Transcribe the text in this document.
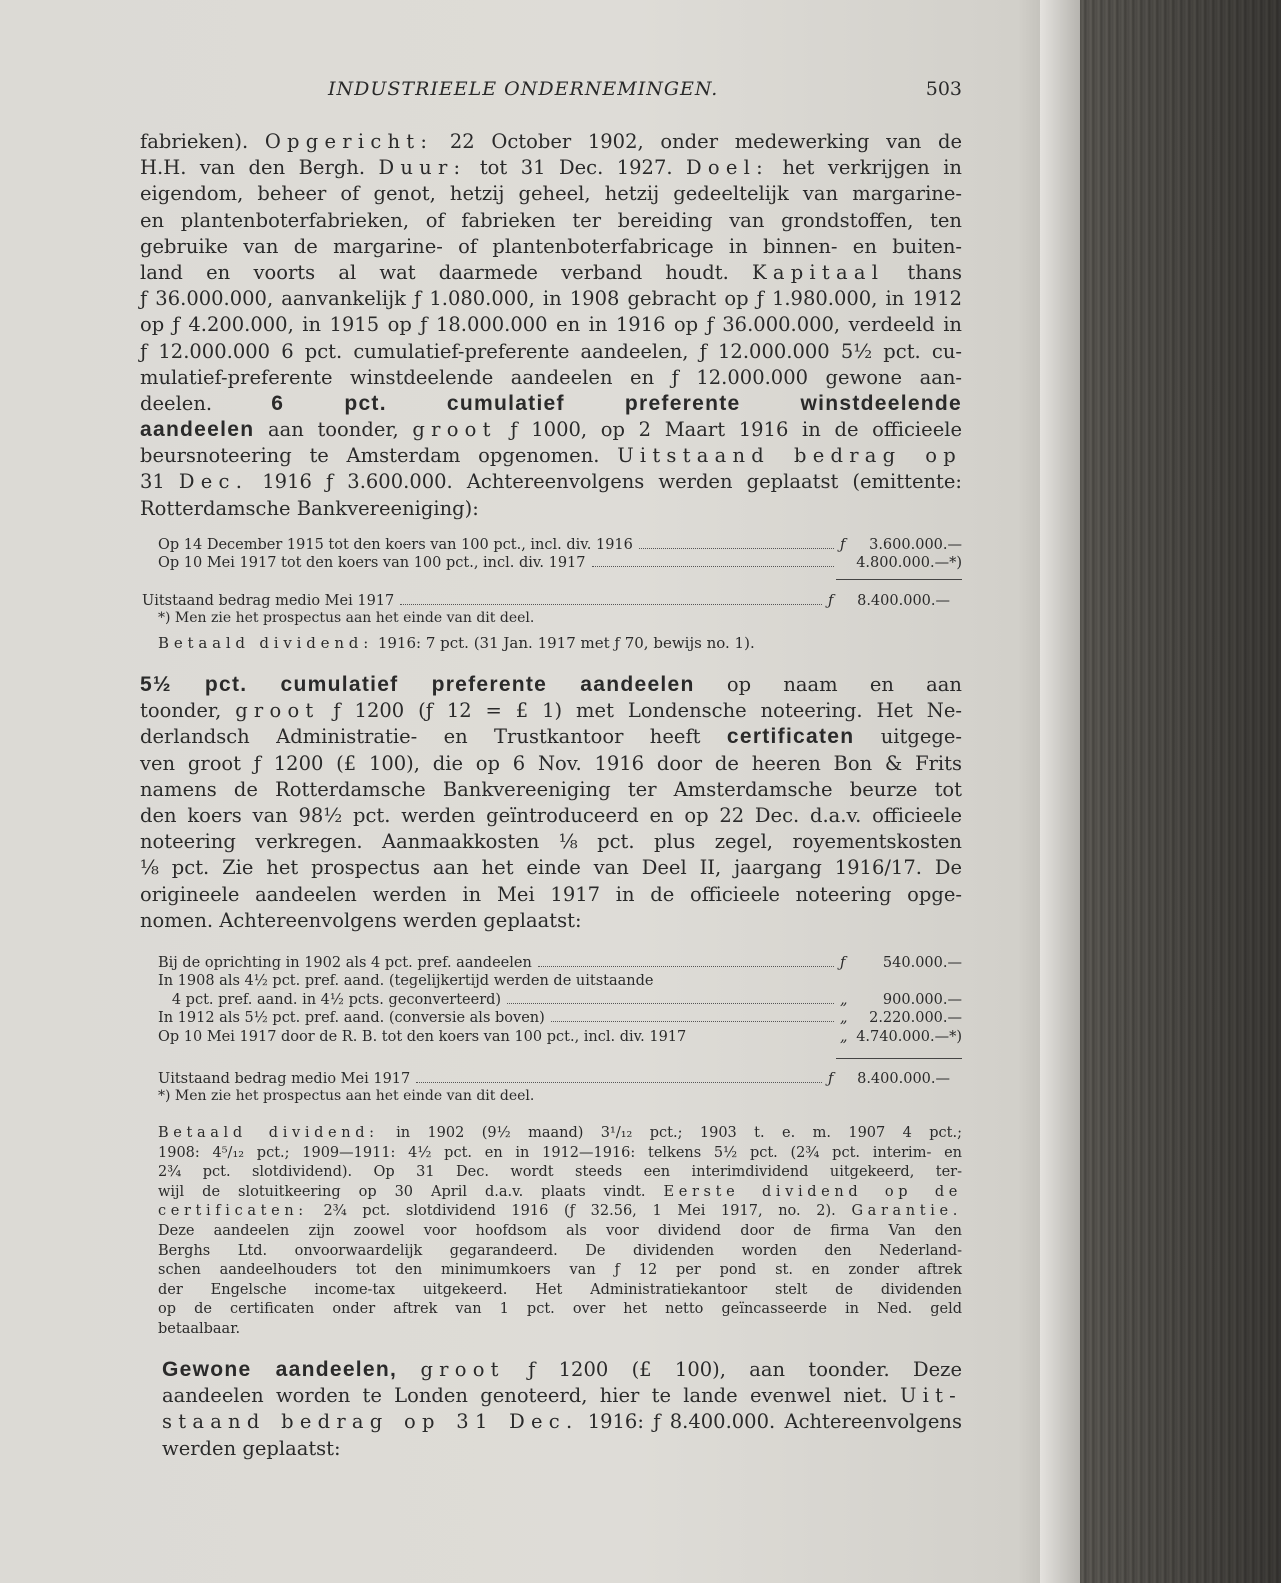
INDUSTRIEELE ONDERNEMINGEN.	503
fabrieken). Opgericht: 22 October 1902, onder medewerking van de
H.H. van den Bergh. Duur: tot 31 Dec. 1927. Doel: het verkrijgen in
eigendom, beheer of genot, hetzij geheel, hetzij gedeeltelijk van margarine-
en plantenboterfabrieken, of fabrieken ter bereiding van grondstoffen, ten
gebruike van de margarine- of plantenboterfabricage in binnen- en buiten-
land en voorts al wat daarmede verband houdt. Kapitaal thans
ƒ 36.000.000, aanvankelijk ƒ 1.080.000, in 1908 gebracht op ƒ 1.980.000, in 1912
op ƒ 4.200.000, in 1915 op ƒ 18.000.000 en in 1916 op ƒ 36.000.000, verdeeld in
ƒ 12.000.000 6 pct. cumulatief-preferente aandeelen, ƒ 12.000.000 5½ pct. cu-
mulatief-preferente winstdeelende aandeelen en ƒ 12.000.000 gewone aan-
deelen. 6 pct. cumulatief preferente winstdeelende
aandeelen aan toonder, groot ƒ 1000, op 2 Maart 1916 in de officieele
beursnoteering te Amsterdam opgenomen. Uitstaand bedrag op
31 Dec. 1916 ƒ 3.600.000. Achtereenvolgens werden geplaatst (emittente:
Rotterdamsche Bankvereeniging):
Op 14 December 1915 tot den koers van 100 pct., incl. div. 1916	ƒ	3.600.000.—
Op 10 Mei 1917 tot den koers van 100 pct., incl. div. 1917	4.800.000.—*)
Uitstaand bedrag medio Mei 1917	ƒ	8.400.000.—
*) Men zie het prospectus aan het einde van dit deel.
Betaald dividend: 1916: 7 pct. (31 Jan. 1917 met ƒ 70, bewijs no. 1).
5½ pct. cumulatief preferente aandeelen op naam en aan
toonder, groot ƒ 1200 (ƒ 12 = £ 1) met Londensche noteering. Het Ne-
derlandsch Administratie- en Trustkantoor heeft certificaten uitgege-
ven groot ƒ 1200 (£ 100), die op 6 Nov. 1916 door de heeren Bon & Frits
namens de Rotterdamsche Bankvereeniging ter Amsterdamsche beurze tot
den koers van 98½ pct. werden geïntroduceerd en op 22 Dec. d.a.v. officieele
noteering verkregen. Aanmaakkosten ⅛ pct. plus zegel, royementskosten
⅛ pct. Zie het prospectus aan het einde van Deel II, jaargang 1916/17. De
origineele aandeelen werden in Mei 1917 in de officieele noteering opge-
nomen. Achtereenvolgens werden geplaatst:
Bij de oprichting in 1902 als 4 pct. pref. aandeelen	ƒ	540.000.—
In 1908 als 4½ pct. pref. aand. (tegelijkertijd werden de uitstaande
4 pct. pref. aand. in 4½ pcts. geconverteerd)	„	900.000.—
In 1912 als 5½ pct. pref. aand. (conversie als boven)	„	2.220.000.—
Op 10 Mei 1917 door de R. B. tot den koers van 100 pct., incl. div. 1917	„ 4.740.000.—*)
Uitstaand bedrag medio Mei 1917	ƒ	8.400.000.—
*) Men zie het prospectus aan het einde van dit deel.
Betaald dividend: in 1902 (9½ maand) 3¹/₁₂ pct.; 1903 t. e. m. 1907 4 pct.;
1908: 4⁵/₁₂ pct.; 1909—1911: 4½ pct. en in 1912—1916: telkens 5½ pct. (2¾ pct. interim- en
2¾ pct. slotdividend). Op 31 Dec. wordt steeds een interimdividend uitgekeerd, ter-
wijl de slotuitkeering op 30 April d.a.v. plaats vindt. Eerste dividend op de
certificaten: 2¾ pct. slotdividend 1916 (ƒ 32.56, 1 Mei 1917, no. 2). Garantie.
Deze aandeelen zijn zoowel voor hoofdsom als voor dividend door de firma Van den
Berghs Ltd. onvoorwaardelijk gegarandeerd. De dividenden worden den Nederland-
schen aandeelhouders tot den minimumkoers van ƒ 12 per pond st. en zonder aftrek
der Engelsche income-tax uitgekeerd. Het Administratiekantoor stelt de dividenden
op de certificaten onder aftrek van 1 pct. over het netto geïncasseerde in Ned. geld
betaalbaar.
Gewone aandeelen, groot ƒ 1200 (£ 100), aan toonder. Deze
aandeelen worden te Londen genoteerd, hier te lande evenwel niet. Uit-
staand bedrag op 31 Dec. 1916: ƒ 8.400.000. Achtereenvolgens
werden geplaatst:
